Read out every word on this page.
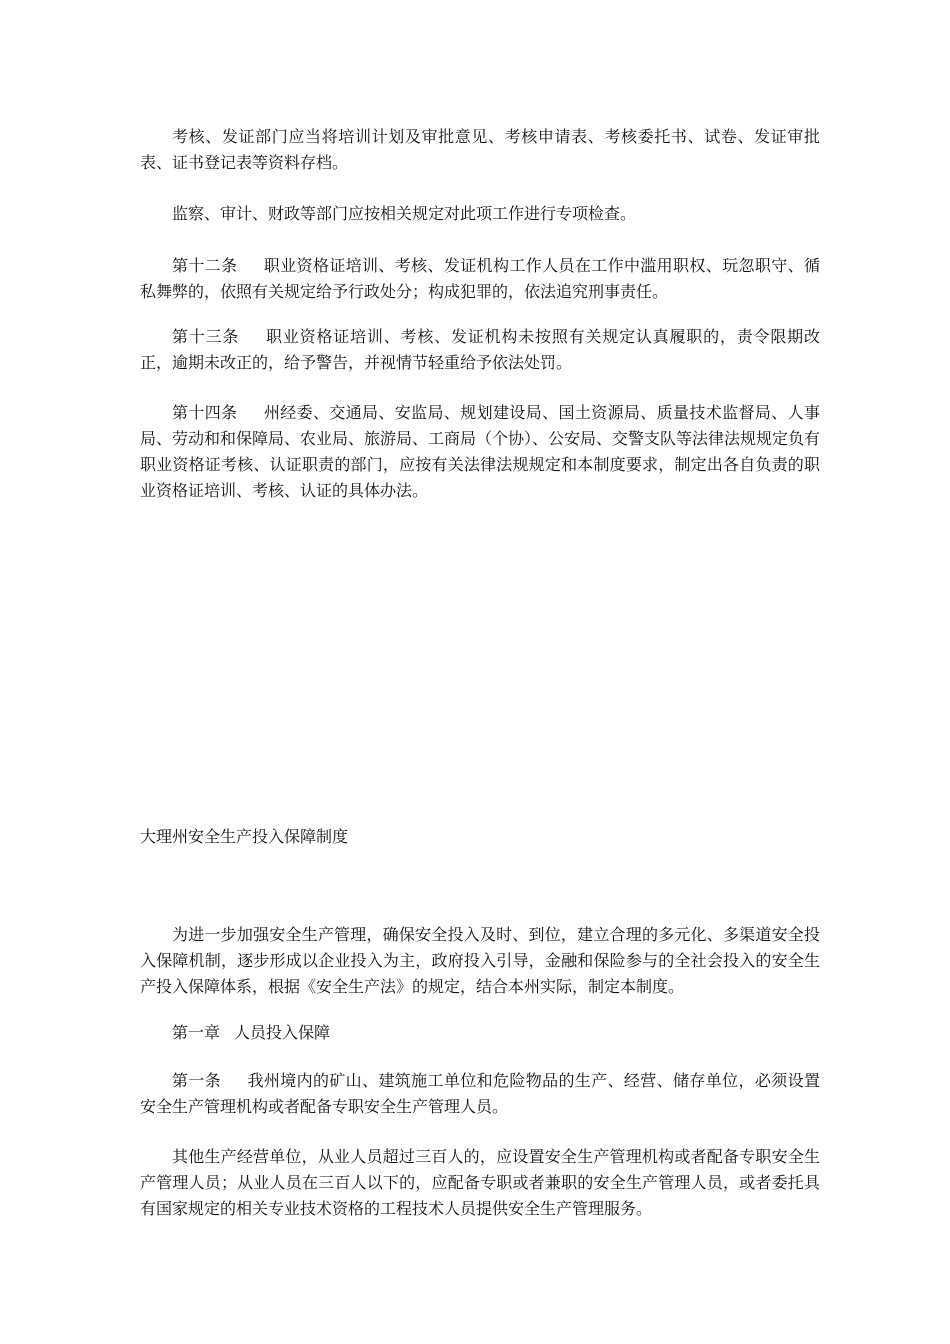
考核、发证部门应当将培训计划及审批意见、考核申请表、考核委托书、试卷、发证审批表、证书登记表等资料存档。

监察、审计、财政等部门应按相关规定对此项工作进行专项检查。

第十二条 职业资格证培训、考核、发证机构工作人员在工作中滥用职权、玩忽职守、循私舞弊的，依照有关规定给予行政处分；构成犯罪的，依法追究刑事责任。

第十三条 职业资格证培训、考核、发证机构未按照有关规定认真履职的，责令限期改正，逾期未改正的，给予警告，并视情节轻重给予依法处罚。

第十四条 州经委、交通局、安监局、规划建设局、国土资源局、质量技术监督局、人事局、劳动和和保障局、农业局、旅游局、工商局（个协）、公安局、交警支队等法律法规规定负有职业资格证考核、认证职责的部门，应按有关法律法规规定和本制度要求，制定出各自负责的职业资格证培训、考核、认证的具体办法。

大理州安全生产投入保障制度

为进一步加强安全生产管理，确保安全投入及时、到位，建立合理的多元化、多渠道安全投入保障机制，逐步形成以企业投入为主，政府投入引导，金融和保险参与的全社会投入的安全生产投入保障体系，根据《安全生产法》的规定，结合本州实际，制定本制度。

第一章 人员投入保障

第一条 我州境内的矿山、建筑施工单位和危险物品的生产、经营、储存单位，必须设置安全生产管理机构或者配备专职安全生产管理人员。

其他生产经营单位，从业人员超过三百人的，应设置安全生产管理机构或者配备专职安全生产管理人员；从业人员在三百人以下的，应配备专职或者兼职的安全生产管理人员，或者委托具有国家规定的相关专业技术资格的工程技术人员提供安全生产管理服务。
